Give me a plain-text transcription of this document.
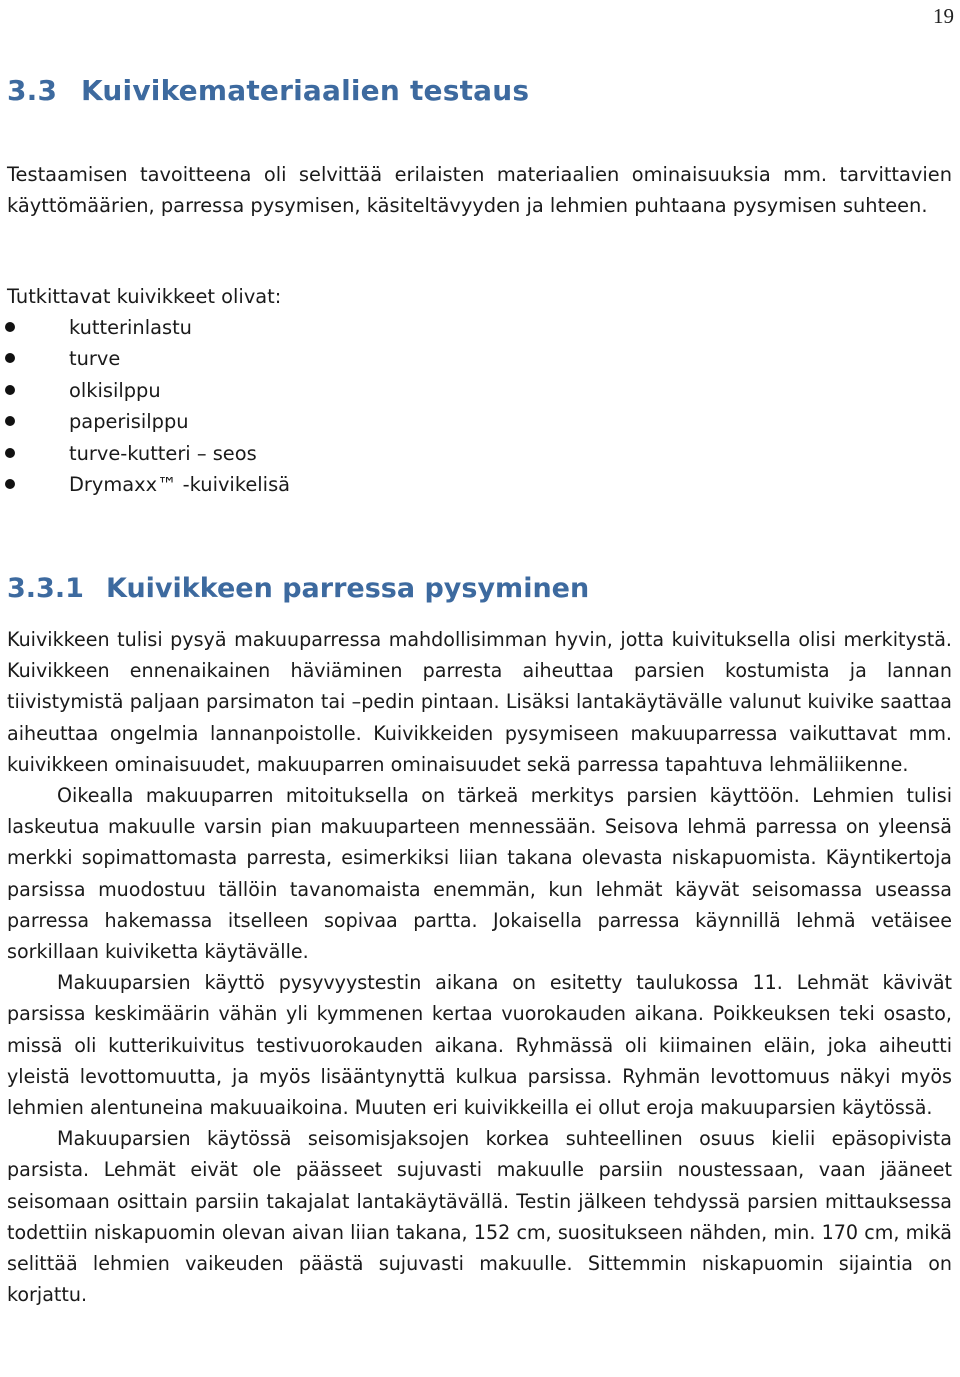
19
3.3 Kuivikemateriaalien testaus

Testaamisen tavoitteena oli selvittää erilaisten materiaalien ominaisuuksia mm. tarvittavien käyttömäärien, parressa pysymisen, käsiteltävyyden ja lehmien puhtaana pysymisen suhteen.

Tutkittavat kuivikkeet olivat:
kutterinlastu
turve
olkisilppu
paperisilppu
turve-kutteri – seos
Drymaxx™ -kuivikelisä
3.3.1 Kuivikkeen parressa pysyminen

Kuivikkeen tulisi pysyä makuuparressa mahdollisimman hyvin, jotta kuivituksella olisi merkitystä. Kuivikkeen ennenaikainen häviäminen parresta aiheuttaa parsien kostumista ja lannan tiivistymistä paljaan parsimaton tai –pedin pintaan. Lisäksi lantakäytävälle valunut kuivike saattaa aiheuttaa ongelmia lannanpoistolle. Kuivikkeiden pysymiseen makuuparressa vaikuttavat mm. kuivikkeen ominaisuudet, makuuparren ominaisuudet sekä parressa tapahtuva lehmäliikenne.

Oikealla makuuparren mitoituksella on tärkeä merkitys parsien käyttöön. Lehmien tulisi laskeutua makuulle varsin pian makuuparteen mennessään. Seisova lehmä parressa on yleensä merkki sopimattomasta parresta, esimerkiksi liian takana olevasta niskapuomista. Käyntikertoja parsissa muodostuu tällöin tavanomaista enemmän, kun lehmät käyvät seisomassa useassa parressa hakemassa itselleen sopivaa partta. Jokaisella parressa käynnillä lehmä vetäisee sorkillaan kuiviketta käytävälle.

Makuuparsien käyttö pysyvyystestin aikana on esitetty taulukossa 11. Lehmät kävivät parsissa keskimäärin vähän yli kymmenen kertaa vuorokauden aikana. Poikkeuksen teki osasto, missä oli kutterikuivitus testivuorokauden aikana. Ryhmässä oli kiimainen eläin, joka aiheutti yleistä levottomuutta, ja myös lisääntynyttä kulkua parsissa. Ryhmän levottomuus näkyi myös lehmien alentuneina makuuaikoina. Muuten eri kuivikkeilla ei ollut eroja makuuparsien käytössä.

Makuuparsien käytössä seisomisjaksojen korkea suhteellinen osuus kielii epäsopivista parsista. Lehmät eivät ole päässeet sujuvasti makuulle parsiin noustessaan, vaan jääneet seisomaan osittain parsiin takajalat lantakäytävällä. Testin jälkeen tehdyssä parsien mittauksessa todettiin niskapuomin olevan aivan liian takana, 152 cm, suositukseen nähden, min. 170 cm, mikä selittää lehmien vaikeuden päästä sujuvasti makuulle. Sittemmin niskapuomin sijaintia on korjattu.
